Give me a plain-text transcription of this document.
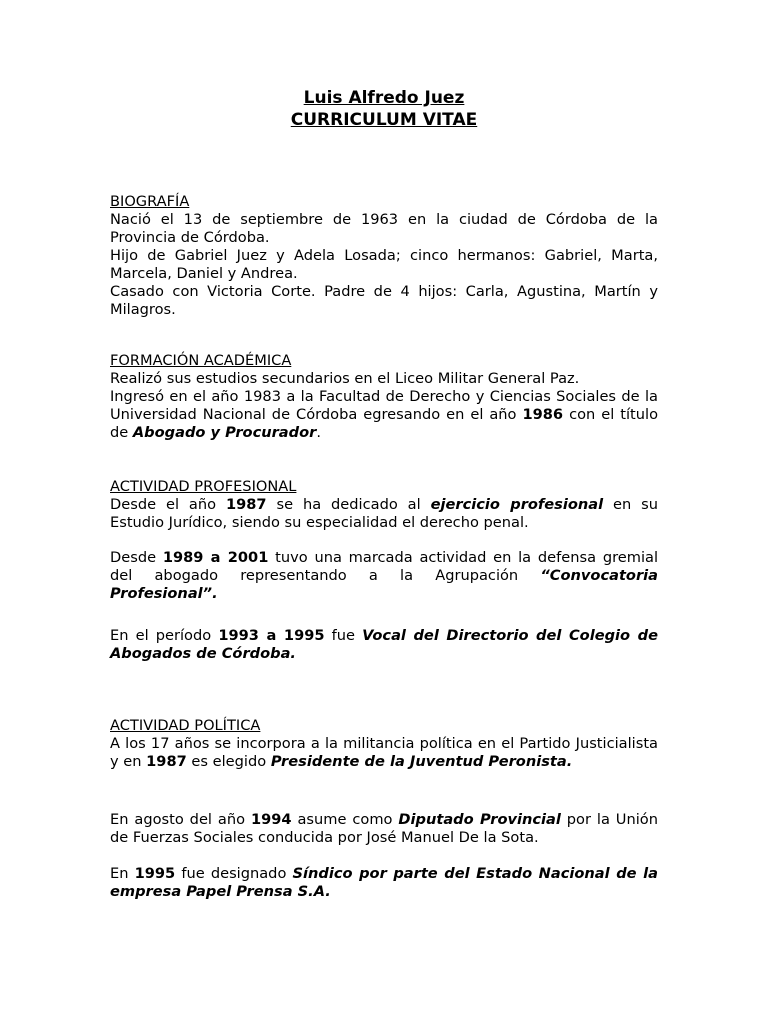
Luis Alfredo Juez
CURRICULUM VITAE
BIOGRAFÍA
Nació el 13 de septiembre de 1963 en la ciudad de Córdoba de la Provincia de Córdoba.
Hijo de Gabriel Juez y Adela Losada; cinco hermanos: Gabriel, Marta, Marcela, Daniel y Andrea.
Casado con Victoria Corte. Padre de 4 hijos: Carla, Agustina, Martín y Milagros.
FORMACIÓN ACADÉMICA
Realizó sus estudios secundarios en el Liceo Militar General Paz.
Ingresó en el año 1983 a la Facultad de Derecho y Ciencias Sociales de la Universidad Nacional de Córdoba egresando en el año 1986 con el título de Abogado y Procurador.
ACTIVIDAD PROFESIONAL
Desde el año 1987 se ha dedicado al ejercicio profesional en su Estudio Jurídico, siendo su especialidad el derecho penal.
Desde 1989 a 2001 tuvo una marcada actividad en la defensa gremial del abogado representando a la Agrupación “Convocatoria Profesional”.
En el período 1993 a 1995 fue Vocal del Directorio del Colegio de Abogados de Córdoba.
ACTIVIDAD POLÍTICA
A los 17 años se incorpora a la militancia política en el Partido Justicialista y en 1987 es elegido Presidente de la Juventud Peronista.
En agosto del año 1994 asume como Diputado Provincial por la Unión de Fuerzas Sociales conducida por José Manuel De la Sota.
En 1995 fue designado Síndico por parte del Estado Nacional de la empresa Papel Prensa S.A.
